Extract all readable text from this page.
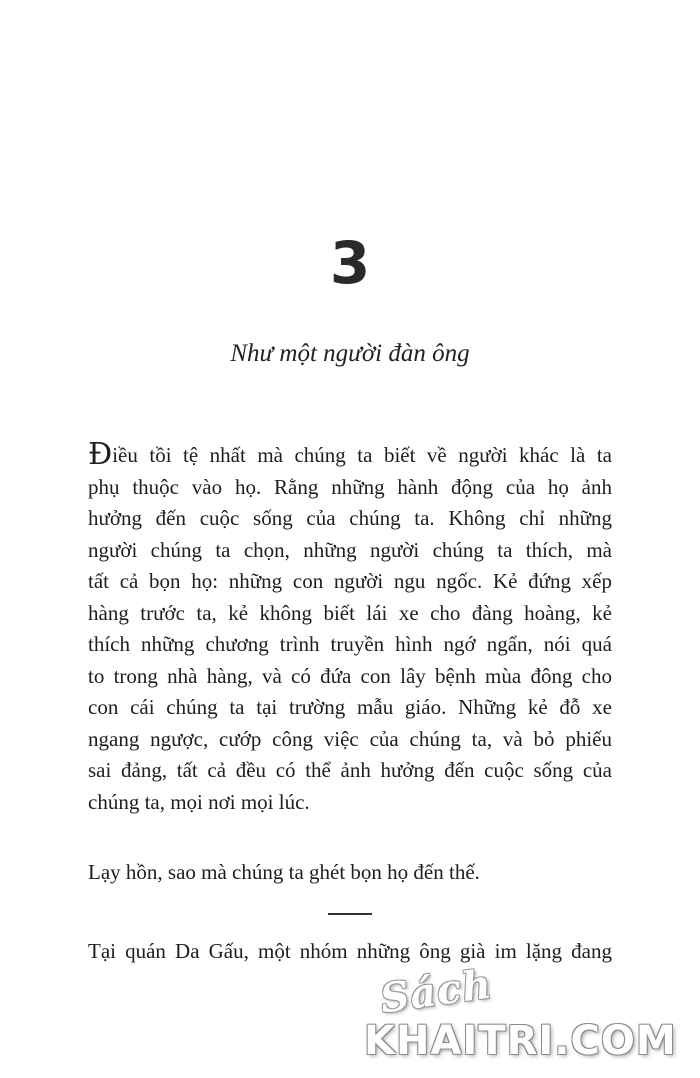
3
Như một người đàn ông
Điều tồi tệ nhất mà chúng ta biết về người khác là ta
phụ thuộc vào họ. Rằng những hành động của họ ảnh
hưởng đến cuộc sống của chúng ta. Không chỉ những
người chúng ta chọn, những người chúng ta thích, mà
tất cả bọn họ: những con người ngu ngốc. Kẻ đứng xếp
hàng trước ta, kẻ không biết lái xe cho đàng hoàng, kẻ
thích những chương trình truyền hình ngớ ngẩn, nói quá
to trong nhà hàng, và có đứa con lây bệnh mùa đông cho
con cái chúng ta tại trường mẫu giáo. Những kẻ đỗ xe
ngang ngược, cướp công việc của chúng ta, và bỏ phiếu
sai đảng, tất cả đều có thể ảnh hưởng đến cuộc sống của
chúng ta, mọi nơi mọi lúc.
Lạy hồn, sao mà chúng ta ghét bọn họ đến thế.
Tại quán Da Gấu, một nhóm những ông già im lặng đang
Sách
KHAITRI.COM
